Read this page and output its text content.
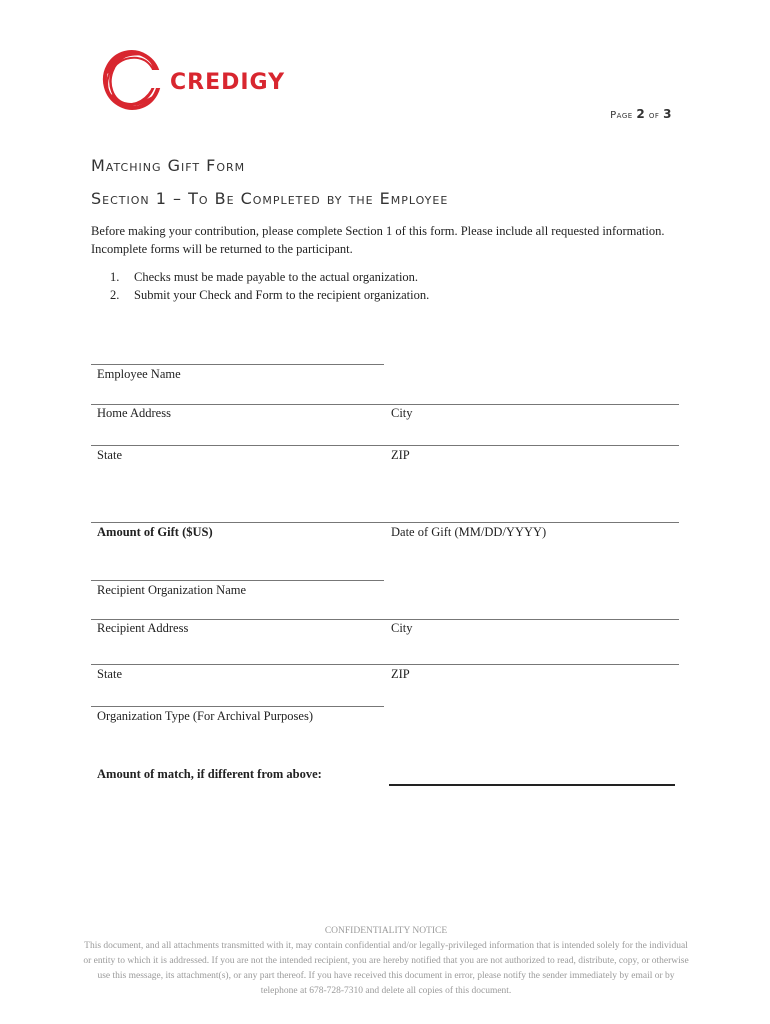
CREDIGY
Page 2 of 3
Matching Gift Form
Section 1 – To Be Completed by the Employee
Before making your contribution, please complete Section 1 of this form. Please include all requested information. Incomplete forms will be returned to the participant.
1. Checks must be made payable to the actual organization.
2. Submit your Check and Form to the recipient organization.
Employee Name
Home Address	City
State	ZIP
Amount of Gift ($US)	Date of Gift (MM/DD/YYYY)
Recipient Organization Name
Recipient Address	City
State	ZIP
Organization Type (For Archival Purposes)
Amount of match, if different from above:
CONFIDENTIALITY NOTICE
This document, and all attachments transmitted with it, may contain confidential and/or legally-privileged information that is intended solely for the individual or entity to which it is addressed. If you are not the intended recipient, you are hereby notified that you are not authorized to read, distribute, copy, or otherwise use this message, its attachment(s), or any part thereof. If you have received this document in error, please notify the sender immediately by email or by telephone at 678-728-7310 and delete all copies of this document.
